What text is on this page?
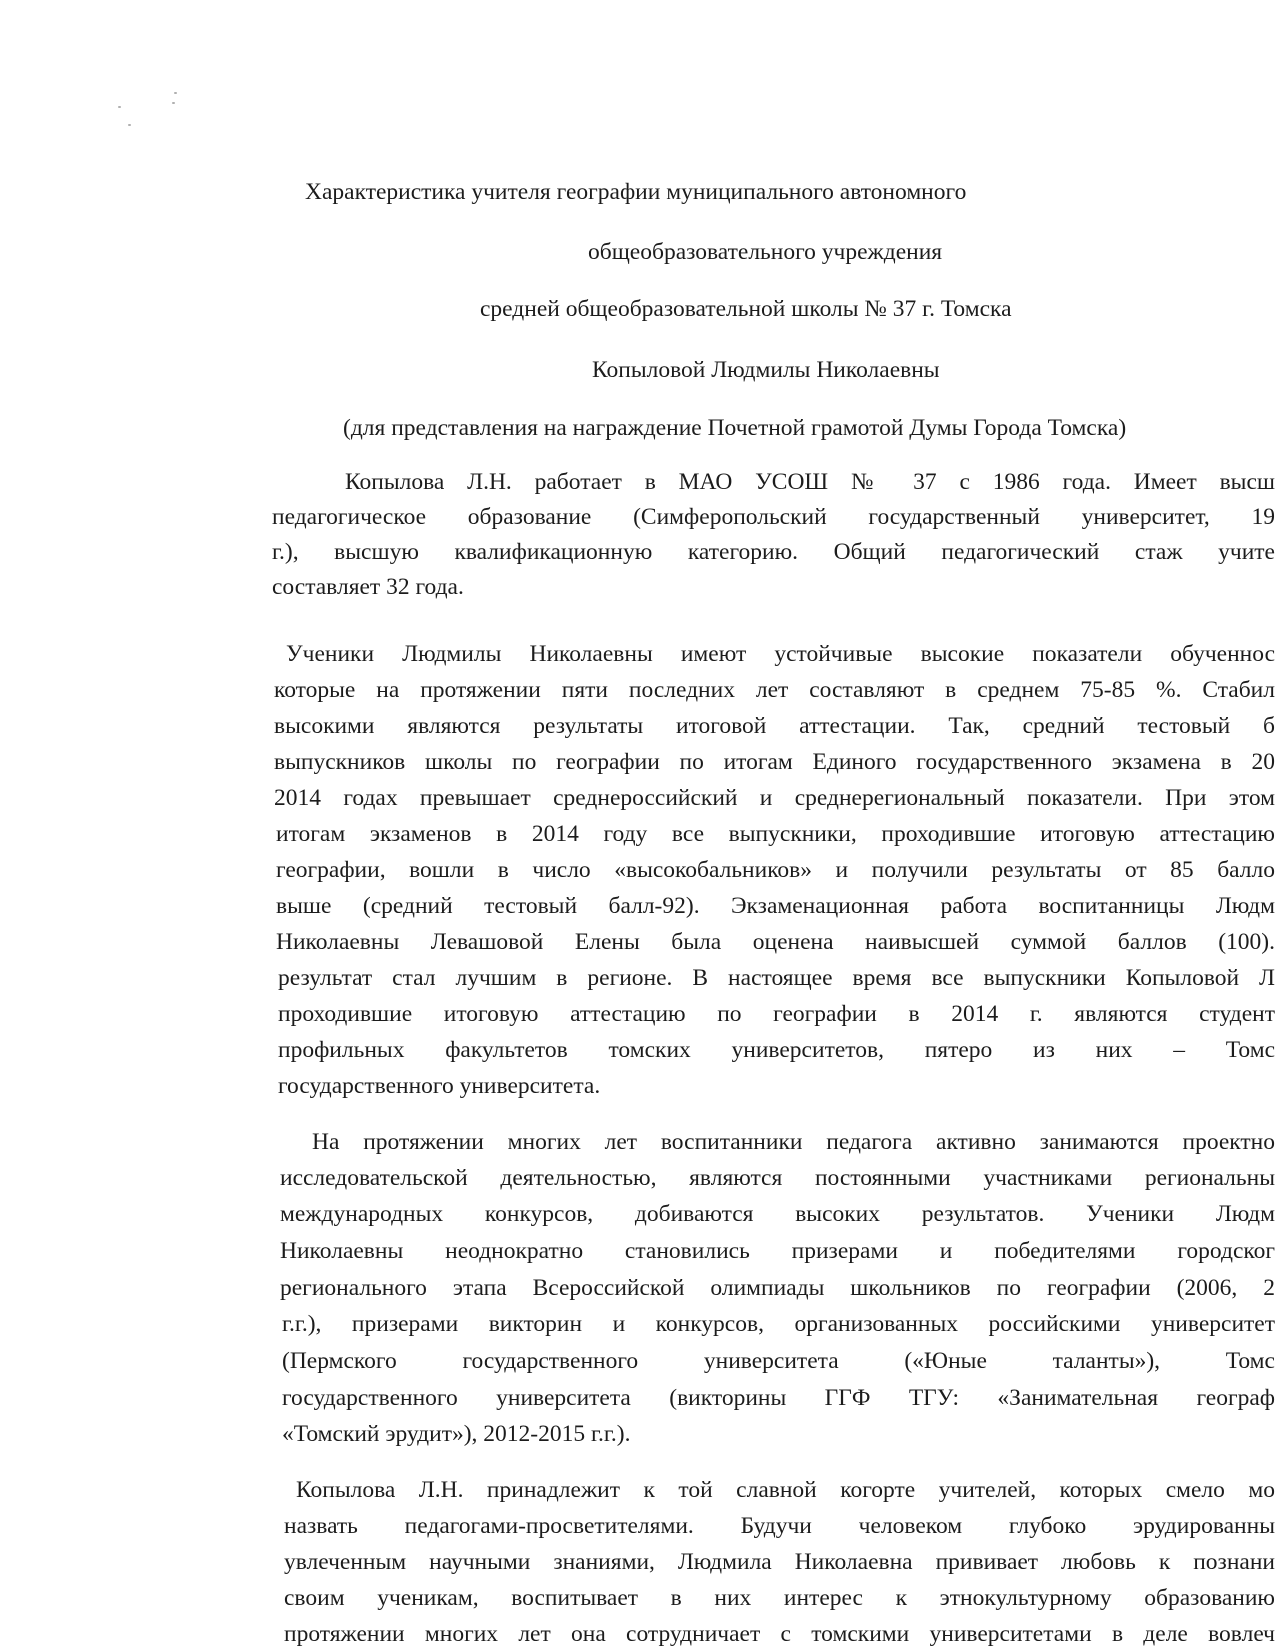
Характеристика учителя географии муниципального автономного
общеобразовательного учреждения
средней общеобразовательной школы № 37 г. Томска
Копыловой Людмилы Николаевны
(для представления на награждение Почетной грамотой Думы Города Томска)
Копылова Л.Н. работает в МАО УСОШ № 37 с 1986 года. Имеет высш
педагогическое образование (Симферопольский государственный университет, 19
г.), высшую квалификационную категорию. Общий педагогический стаж учите
составляет 32 года.
Ученики Людмилы Николаевны имеют устойчивые высокие показатели обученнос
которые на протяжении пяти последних лет составляют в среднем 75-85 %. Стабил
высокими являются результаты итоговой аттестации. Так, средний тестовый б
выпускников школы по географии по итогам Единого государственного экзамена в 20
2014 годах превышает среднероссийский и среднерегиональный показатели. При этом
итогам экзаменов в 2014 году все выпускники, проходившие итоговую аттестацию
географии, вошли в число «высокобальников» и получили результаты от 85 балло
выше (средний тестовый балл-92). Экзаменационная работа воспитанницы Людм
Николаевны Левашовой Елены была оценена наивысшей суммой баллов (100).
результат стал лучшим в регионе. В настоящее время все выпускники Копыловой Л
проходившие итоговую аттестацию по географии в 2014 г. являются студент
профильных факультетов томских университетов, пятеро из них – Томс
государственного университета.
На протяжении многих лет воспитанники педагога активно занимаются проектно
исследовательской деятельностью, являются постоянными участниками региональны
международных конкурсов, добиваются высоких результатов. Ученики Людм
Николаевны неоднократно становились призерами и победителями городског
регионального этапа Всероссийской олимпиады школьников по географии (2006, 2
г.г.), призерами викторин и конкурсов, организованных российскими университет
(Пермского государственного университета («Юные таланты»), Томс
государственного университета (викторины ГГФ ТГУ: «Занимательная географ
«Томский эрудит»), 2012-2015 г.г.).
Копылова Л.Н. принадлежит к той славной когорте учителей, которых смело мо
назвать педагогами-просветителями. Будучи человеком глубоко эрудированны
увлеченным научными знаниями, Людмила Николаевна прививает любовь к познани
своим ученикам, воспитывает в них интерес к этнокультурному образованию
протяжении многих лет она сотрудничает с томскими университетами в деле вовлеч
